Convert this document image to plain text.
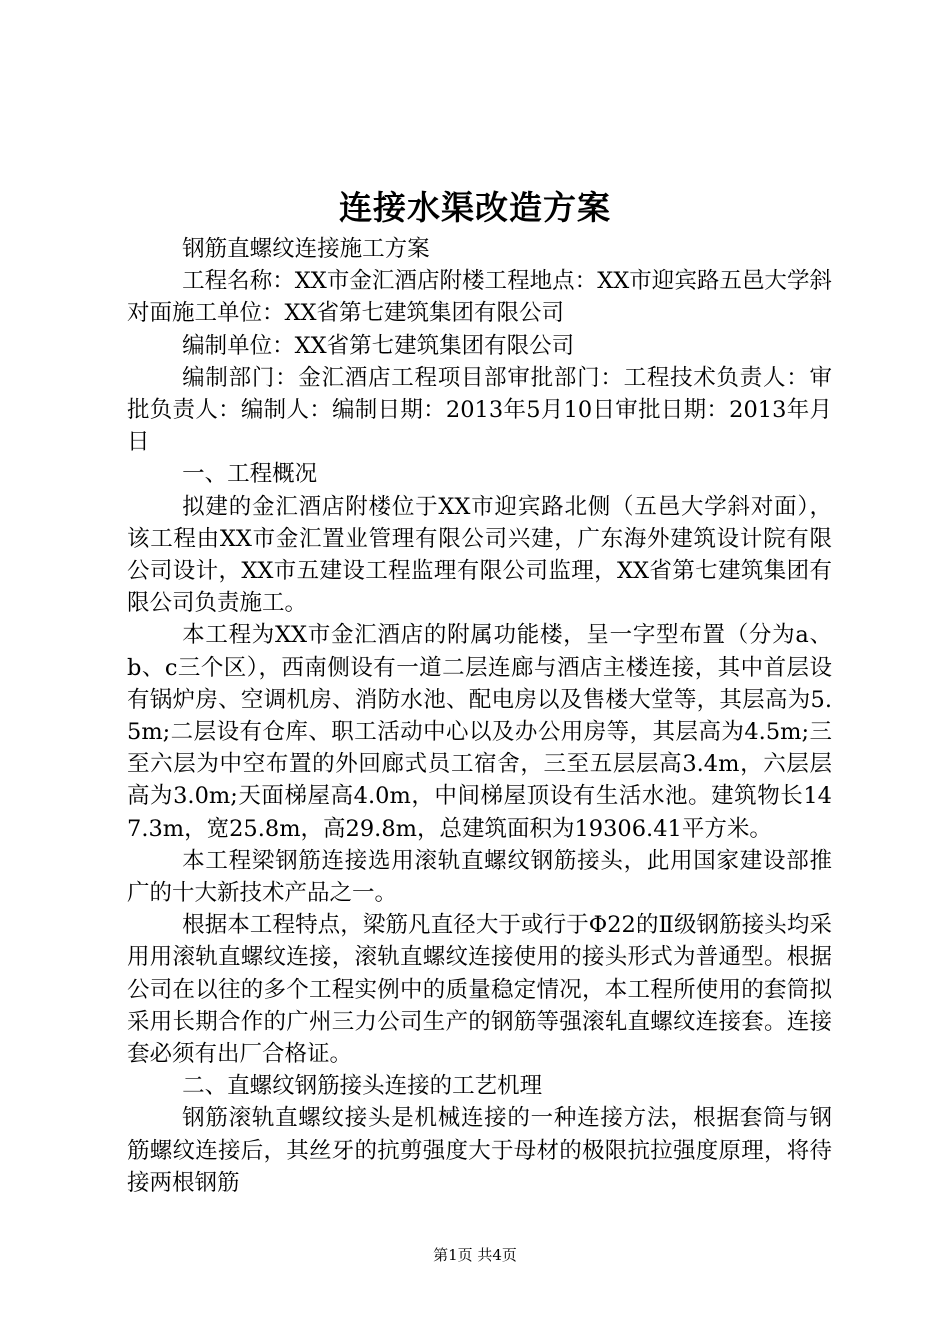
连接水渠改造方案

钢筋直螺纹连接施工方案

工程名称：XX市金汇酒店附楼工程地点：XX市迎宾路五邑大学斜对面施工单位：XX省第七建筑集团有限公司

编制单位：XX省第七建筑集团有限公司

编制部门：金汇酒店工程项目部审批部门：工程技术负责人：审批负责人：编制人：编制日期：2013年5月10日审批日期：2013年月日

一、工程概况

拟建的金汇酒店附楼位于XX市迎宾路北侧（五邑大学斜对面），该工程由XX市金汇置业管理有限公司兴建，广东海外建筑设计院有限公司设计，XX市五建设工程监理有限公司监理，XX省第七建筑集团有限公司负责施工。

本工程为XX市金汇酒店的附属功能楼，呈一字型布置（分为a、b、c三个区），西南侧设有一道二层连廊与酒店主楼连接，其中首层设有锅炉房、空调机房、消防水池、配电房以及售楼大堂等，其层高为5.5m;二层设有仓库、职工活动中心以及办公用房等，其层高为4.5m;三至六层为中空布置的外回廊式员工宿舍，三至五层层高3.4m，六层层高为3.0m;天面梯屋高4.0m，中间梯屋顶设有生活水池。建筑物长147.3m，宽25.8m，高29.8m，总建筑面积为19306.41平方米。

本工程梁钢筋连接选用滚轨直螺纹钢筋接头，此用国家建设部推广的十大新技术产品之一。

根据本工程特点，梁筋凡直径大于或行于Φ22的Ⅱ级钢筋接头均采用用滚轨直螺纹连接，滚轨直螺纹连接使用的接头形式为普通型。根据公司在以往的多个工程实例中的质量稳定情况，本工程所使用的套筒拟采用长期合作的广州三力公司生产的钢筋等强滚轧直螺纹连接套。连接套必须有出厂合格证。

二、直螺纹钢筋接头连接的工艺机理

钢筋滚轨直螺纹接头是机械连接的一种连接方法，根据套筒与钢筋螺纹连接后，其丝牙的抗剪强度大于母材的极限抗拉强度原理，将待接两根钢筋

第1页 共4页
